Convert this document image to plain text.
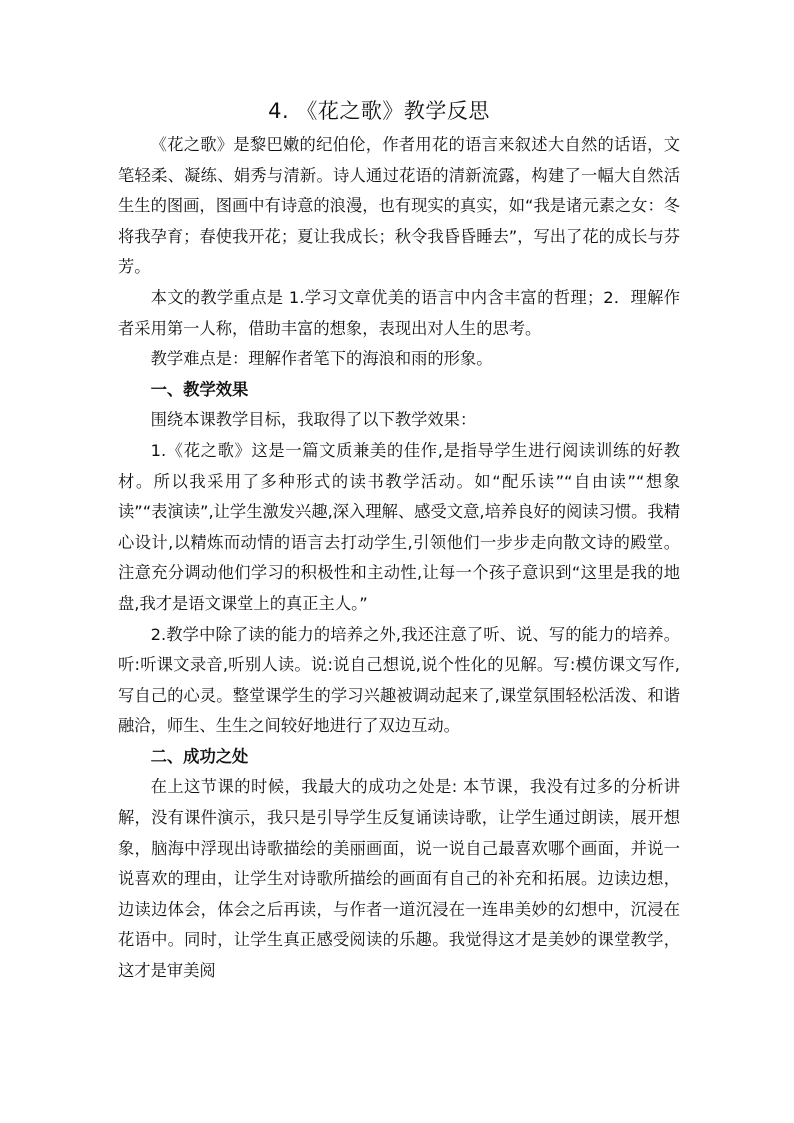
4. 《花之歌》教学反思

《花之歌》是黎巴嫩的纪伯伦，作者用花的语言来叙述大自然的话语，文笔轻柔、凝练、娟秀与清新。诗人通过花语的清新流露，构建了一幅大自然活生生的图画，图画中有诗意的浪漫，也有现实的真实，如“我是诸元素之女：冬将我孕育；春使我开花；夏让我成长；秋令我昏昏睡去”，写出了花的成长与芬芳。

本文的教学重点是 1.学习文章优美的语言中内含丰富的哲理；2．理解作者采用第一人称，借助丰富的想象，表现出对人生的思考。

教学难点是：理解作者笔下的海浪和雨的形象。

一、教学效果

围绕本课教学目标，我取得了以下教学效果：

1.《花之歌》这是一篇文质兼美的佳作,是指导学生进行阅读训练的好教材。所以我采用了多种形式的读书教学活动。如“配乐读”“自由读”“想象读”“表演读”,让学生激发兴趣,深入理解、感受文意,培养良好的阅读习惯。我精心设计,以精炼而动情的语言去打动学生,引领他们一步步走向散文诗的殿堂。注意充分调动他们学习的积极性和主动性,让每一个孩子意识到“这里是我的地盘,我才是语文课堂上的真正主人。”

2.教学中除了读的能力的培养之外,我还注意了听、说、写的能力的培养。听:听课文录音,听别人读。说:说自己想说,说个性化的见解。写:模仿课文写作,写自己的心灵。整堂课学生的学习兴趣被调动起来了,课堂氛围轻松活泼、和谐融洽，师生、生生之间较好地进行了双边互动。

二、成功之处

在上这节课的时候，我最大的成功之处是: 本节课，我没有过多的分析讲解，没有课件演示，我只是引导学生反复诵读诗歌，让学生通过朗读，展开想象，脑海中浮现出诗歌描绘的美丽画面，说一说自己最喜欢哪个画面，并说一说喜欢的理由，让学生对诗歌所描绘的画面有自己的补充和拓展。边读边想，边读边体会，体会之后再读，与作者一道沉浸在一连串美妙的幻想中，沉浸在花语中。同时，让学生真正感受阅读的乐趣。我觉得这才是美妙的课堂教学，这才是审美阅
